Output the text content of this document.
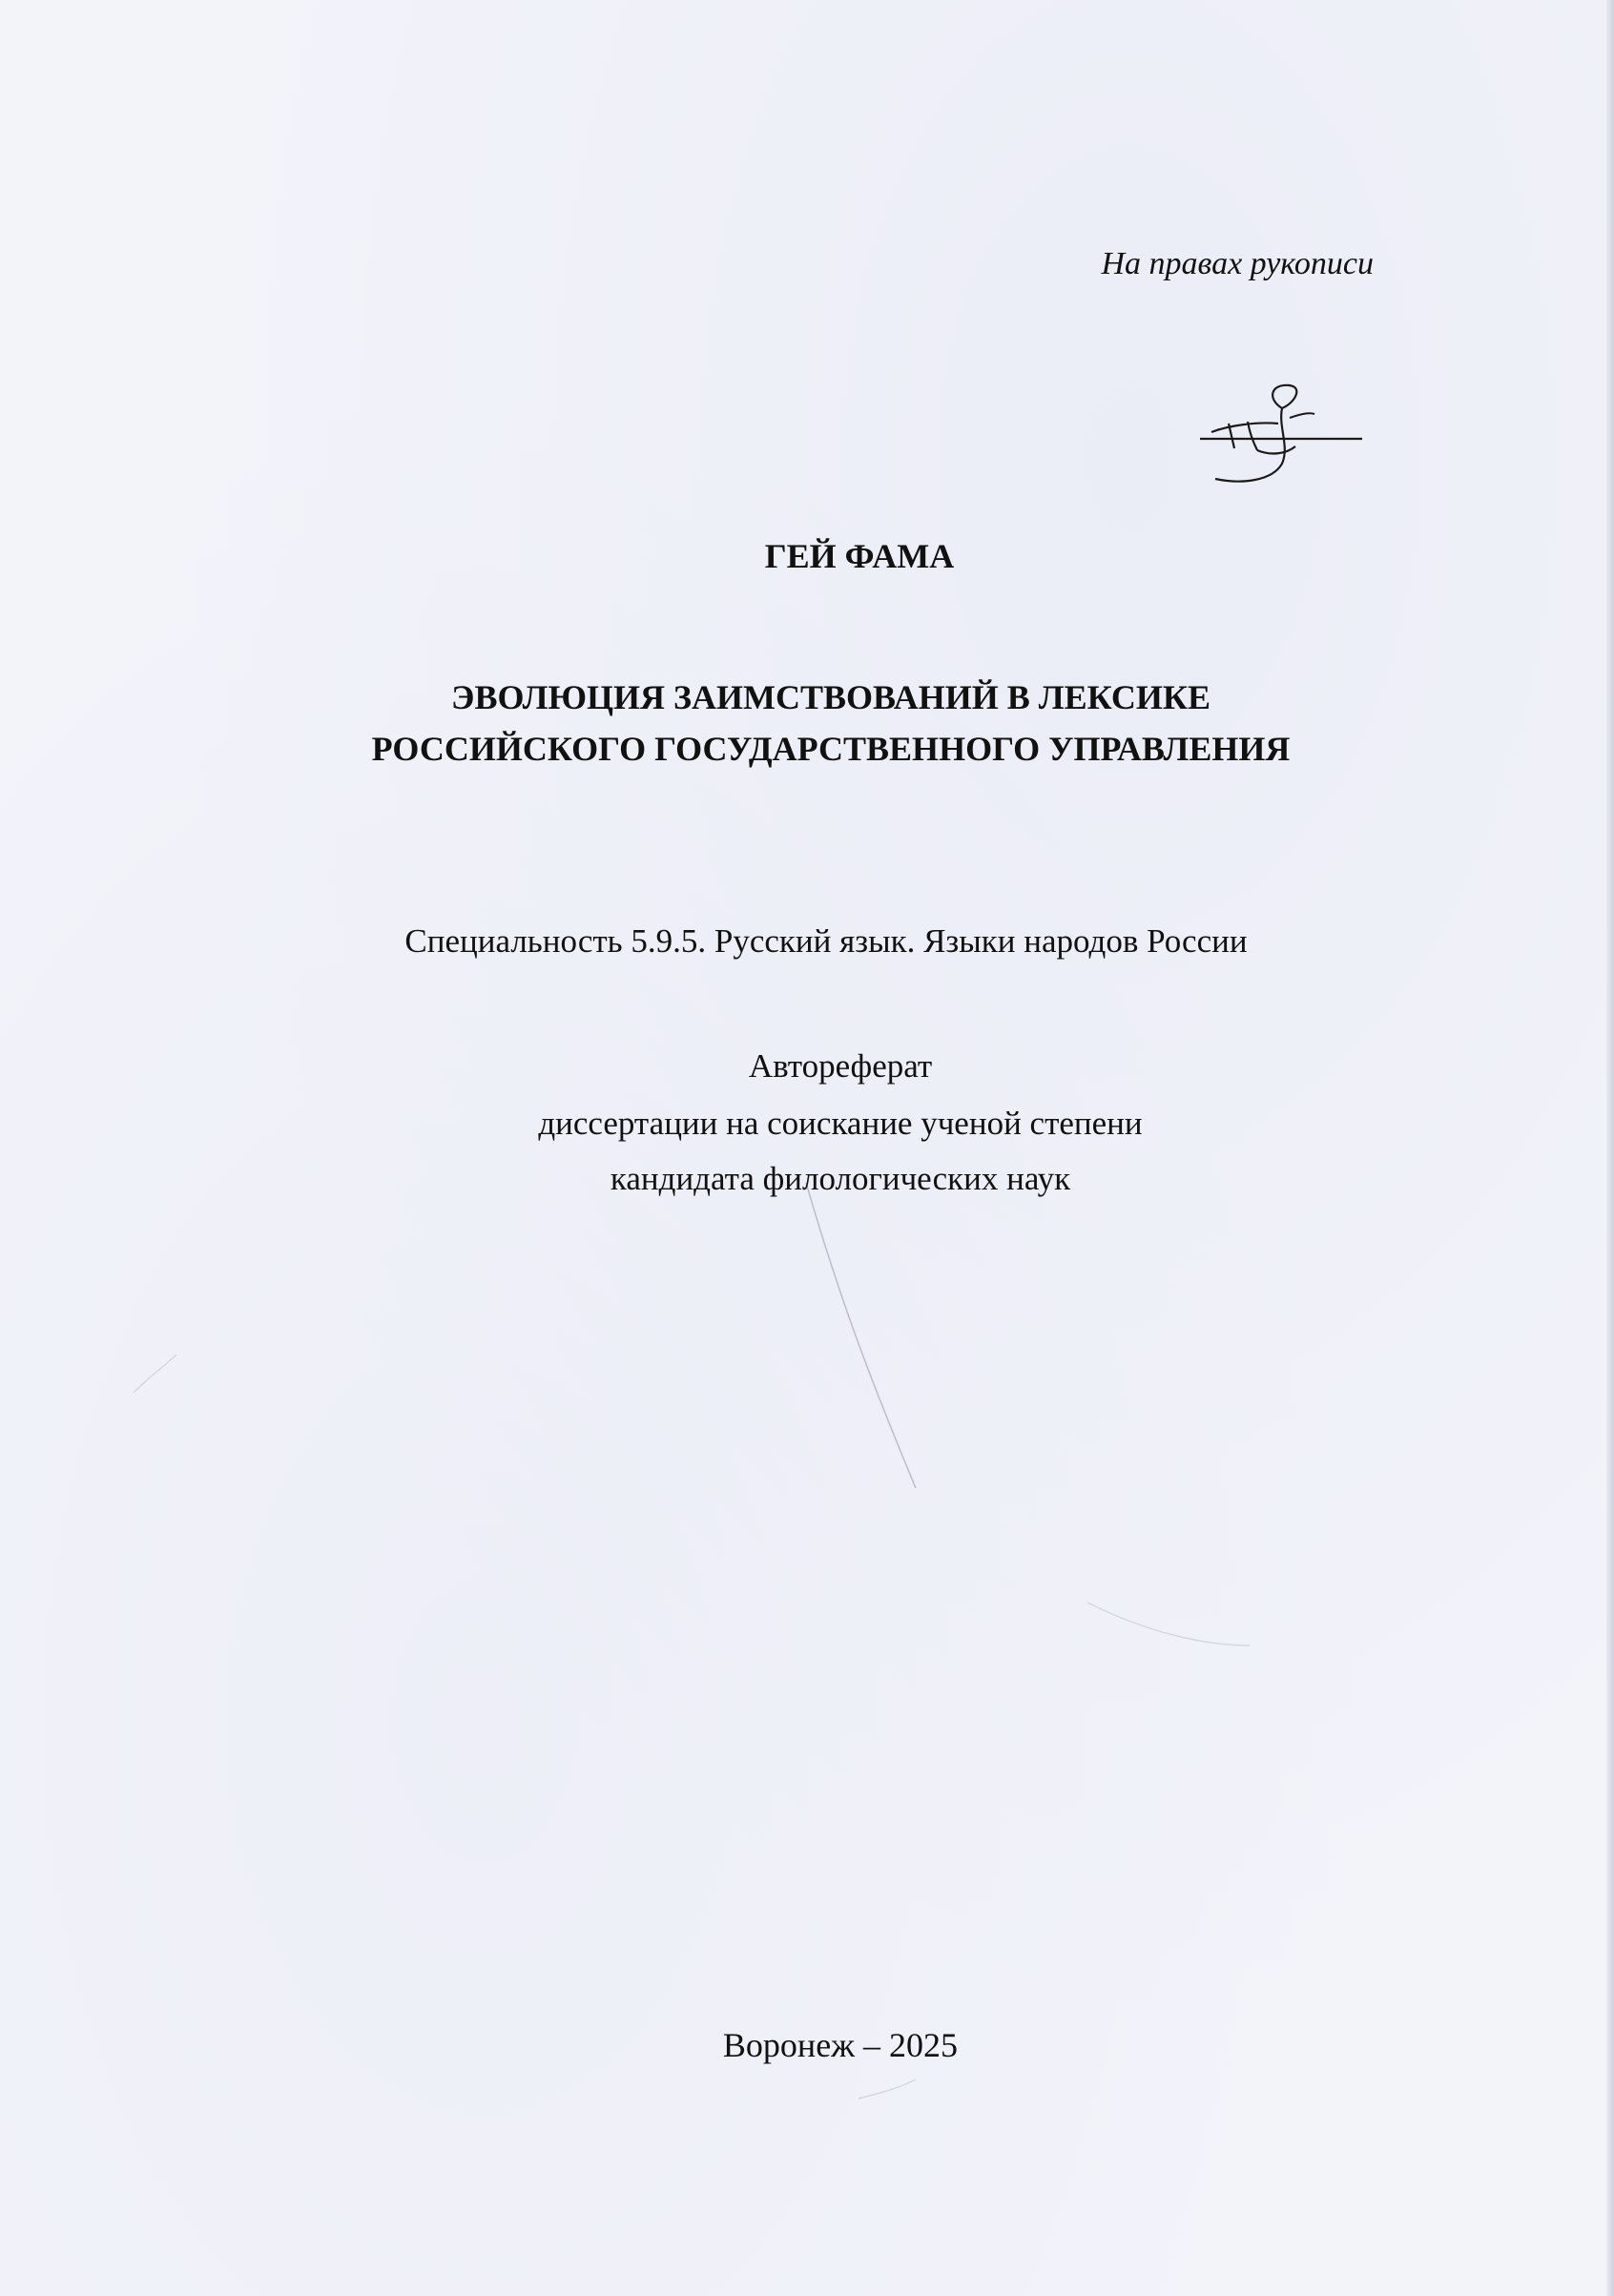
На правах рукописи
ГЕЙ ФАМА
ЭВОЛЮЦИЯ ЗАИМСТВОВАНИЙ В ЛЕКСИКЕ
РОССИЙСКОГО ГОСУДАРСТВЕННОГО УПРАВЛЕНИЯ
Специальность 5.9.5. Русский язык. Языки народов России
Автореферат
диссертации на соискание ученой степени
кандидата филологических наук
Воронеж – 2025
